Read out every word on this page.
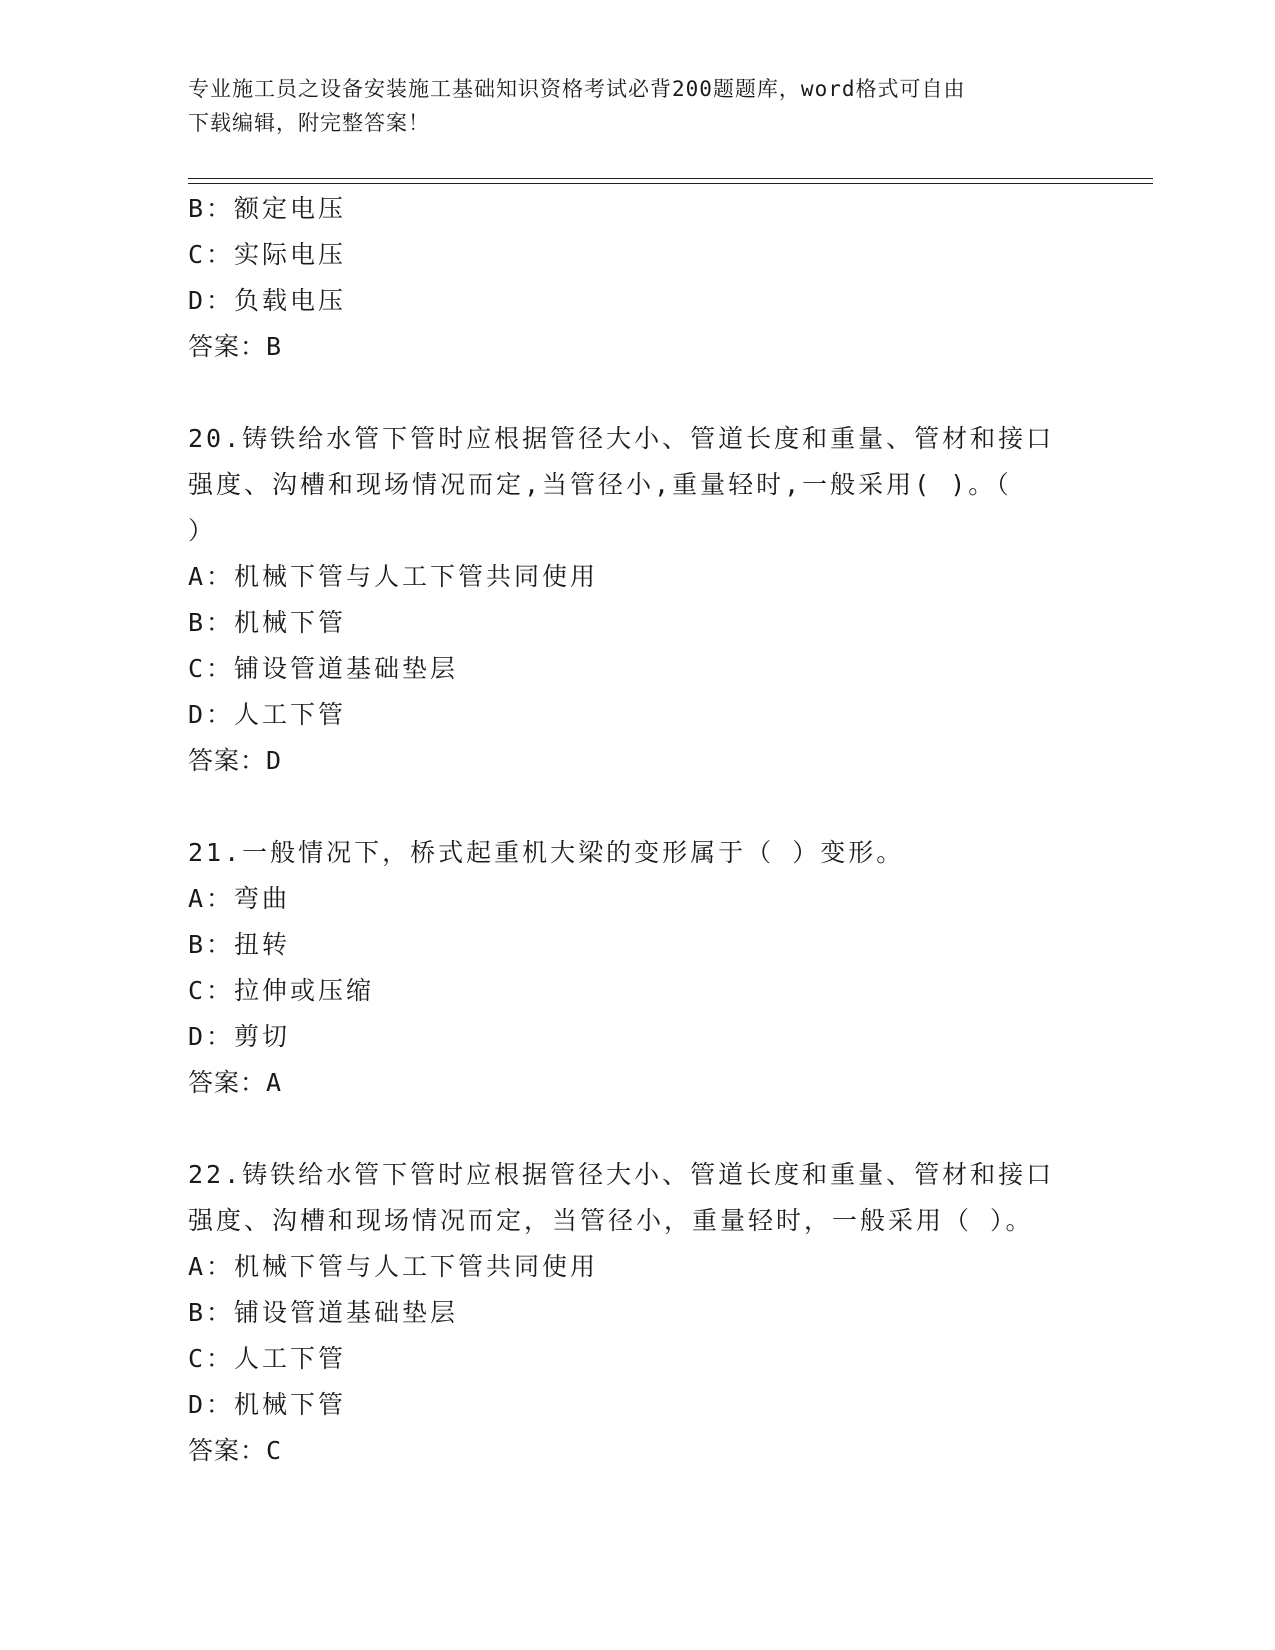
专业施工员之设备安装施工基础知识资格考试必背200题题库，word格式可自由
下载编辑，附完整答案！
B：额定电压
C：实际电压
D：负载电压
答案：B
20.铸铁给水管下管时应根据管径大小、管道长度和重量、管材和接口
强度、沟槽和现场情况而定,当管径小,重量轻时,一般采用( )。（
）
A：机械下管与人工下管共同使用
B：机械下管
C：铺设管道基础垫层
D：人工下管
答案：D
21.一般情况下，桥式起重机大梁的变形属于（ ）变形。
A：弯曲
B：扭转
C：拉伸或压缩
D：剪切
答案：A
22.铸铁给水管下管时应根据管径大小、管道长度和重量、管材和接口
强度、沟槽和现场情况而定，当管径小，重量轻时，一般采用（ ）。
A：机械下管与人工下管共同使用
B：铺设管道基础垫层
C：人工下管
D：机械下管
答案：C
